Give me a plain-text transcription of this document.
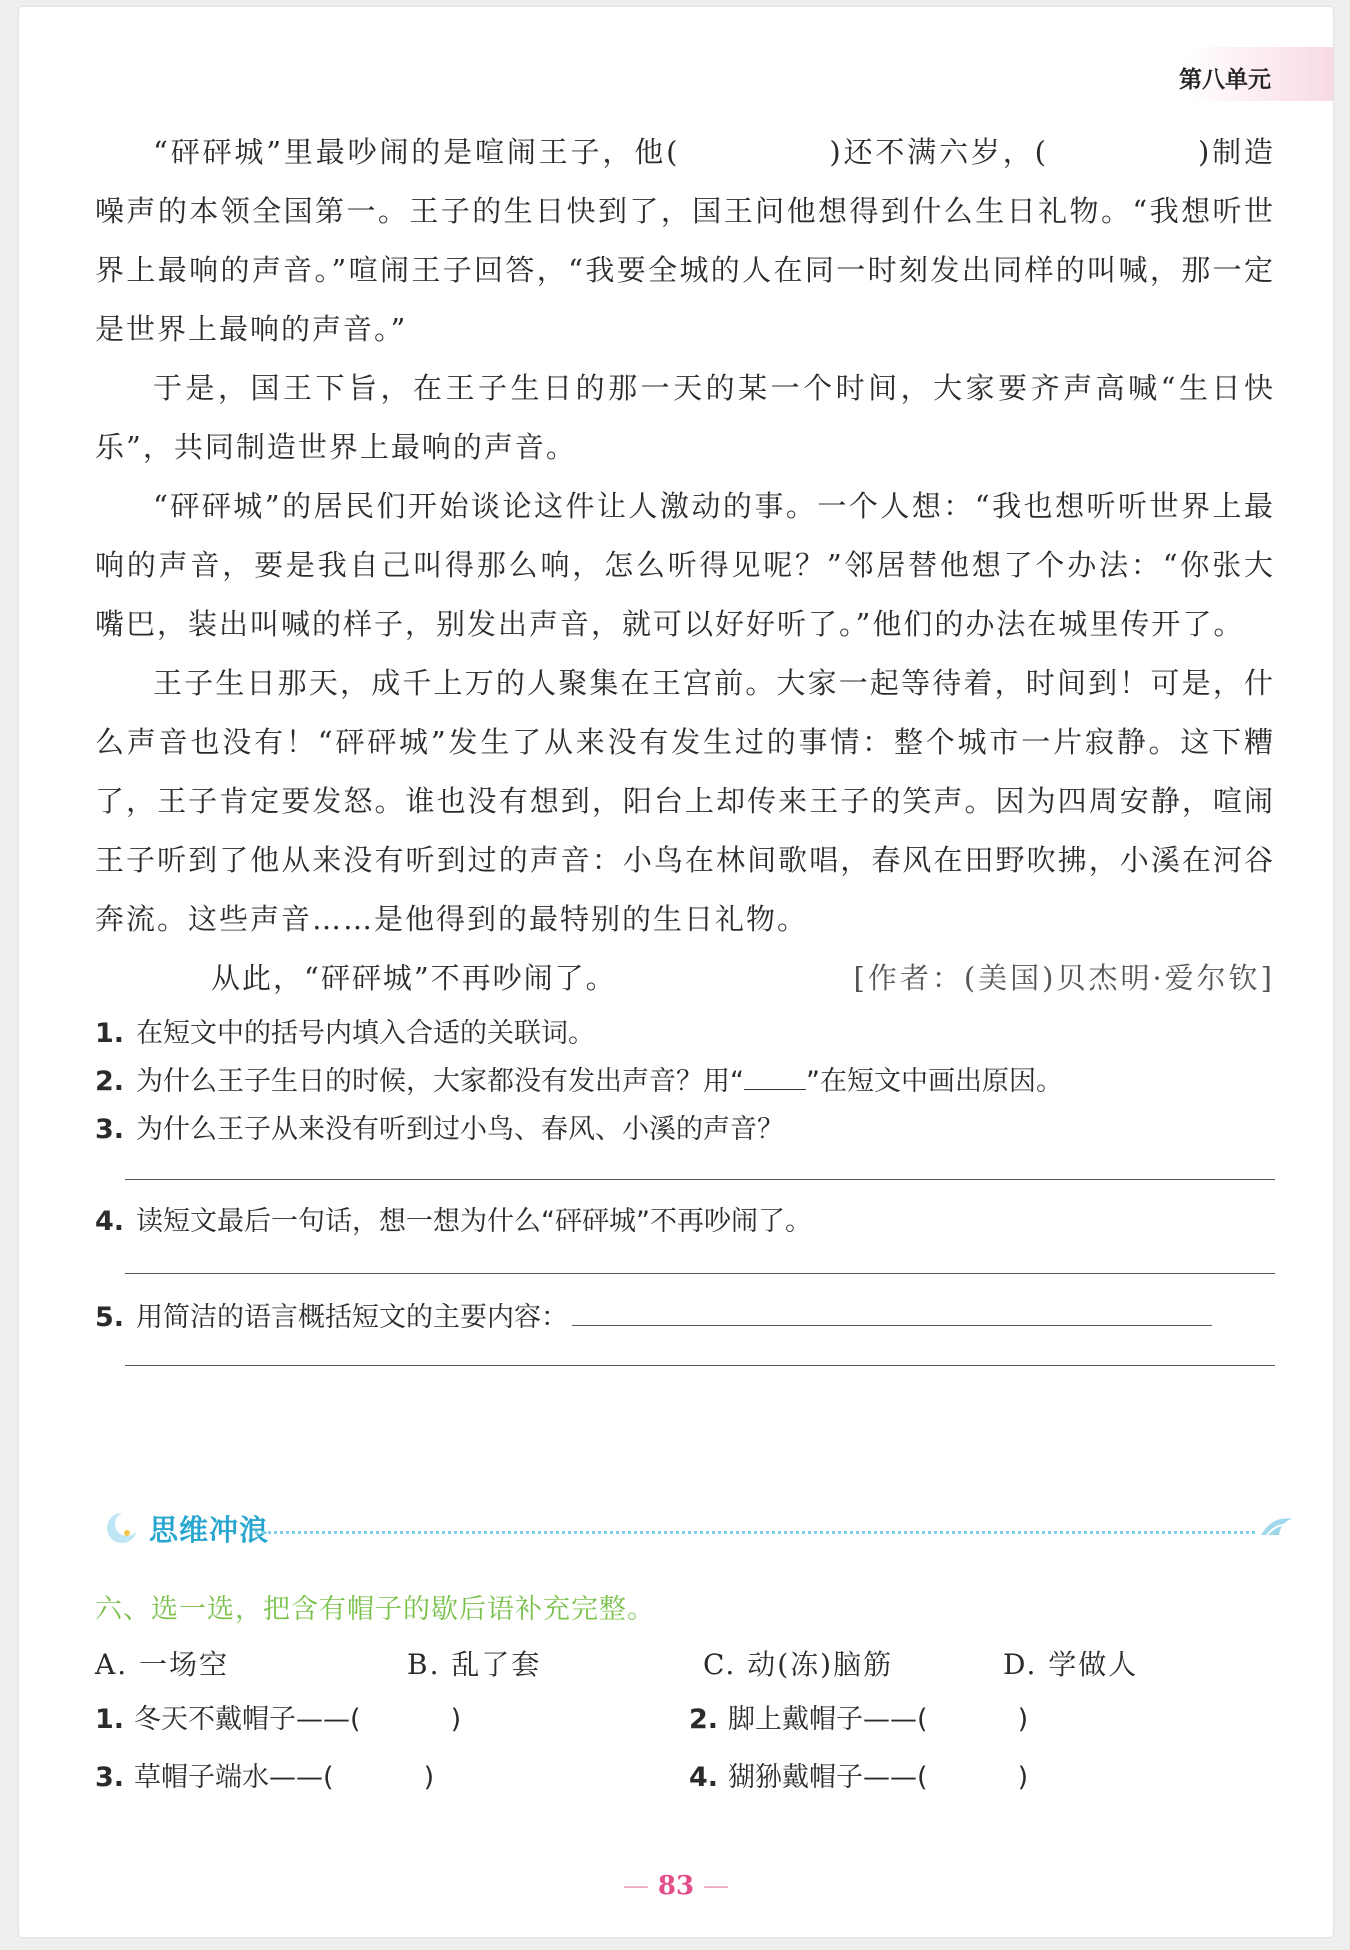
第八单元

“砰砰城”里最吵闹的是喧闹王子，他(	)还不满六岁，(	)制造噪声的本领全国第一。王子的生日快到了，国王问他想得到什么生日礼物。“我想听世界上最响的声音。”喧闹王子回答，“我要全城的人在同一时刻发出同样的叫喊，那一定是世界上最响的声音。”

于是，国王下旨，在王子生日的那一天的某一个时间，大家要齐声高喊“生日快乐”，共同制造世界上最响的声音。

“砰砰城”的居民们开始谈论这件让人激动的事。一个人想：“我也想听听世界上最响的声音，要是我自己叫得那么响，怎么听得见呢？”邻居替他想了个办法：“你张大嘴巴，装出叫喊的样子，别发出声音，就可以好好听了。”他们的办法在城里传开了。

王子生日那天，成千上万的人聚集在王宫前。大家一起等待着，时间到！可是，什么声音也没有！“砰砰城”发生了从来没有发生过的事情：整个城市一片寂静。这下糟了，王子肯定要发怒。谁也没有想到，阳台上却传来王子的笑声。因为四周安静，喧闹王子听到了他从来没有听到过的声音：小鸟在林间歌唱，春风在田野吹拂，小溪在河谷奔流。这些声音……是他得到的最特别的生日礼物。

从此，“砰砰城”不再吵闹了。	[作者：(美国)贝杰明·爱尔钦]

1. 在短文中的括号内填入合适的关联词。
2. 为什么王子生日的时候，大家都没有发出声音？用“ ”在短文中画出原因。
3. 为什么王子从来没有听到过小鸟、春风、小溪的声音？
4. 读短文最后一句话，想一想为什么“砰砰城”不再吵闹了。
5. 用简洁的语言概括短文的主要内容：
思维冲浪
六、选一选，把含有帽子的歇后语补充完整。
A. 一场空	B. 乱了套	C. 动(冻)脑筋	D. 学做人
1. 冬天不戴帽子——(	)	2. 脚上戴帽子——(	)
3. 草帽子端水——(	)	4. 猢狲戴帽子——(	)
— 83 —
